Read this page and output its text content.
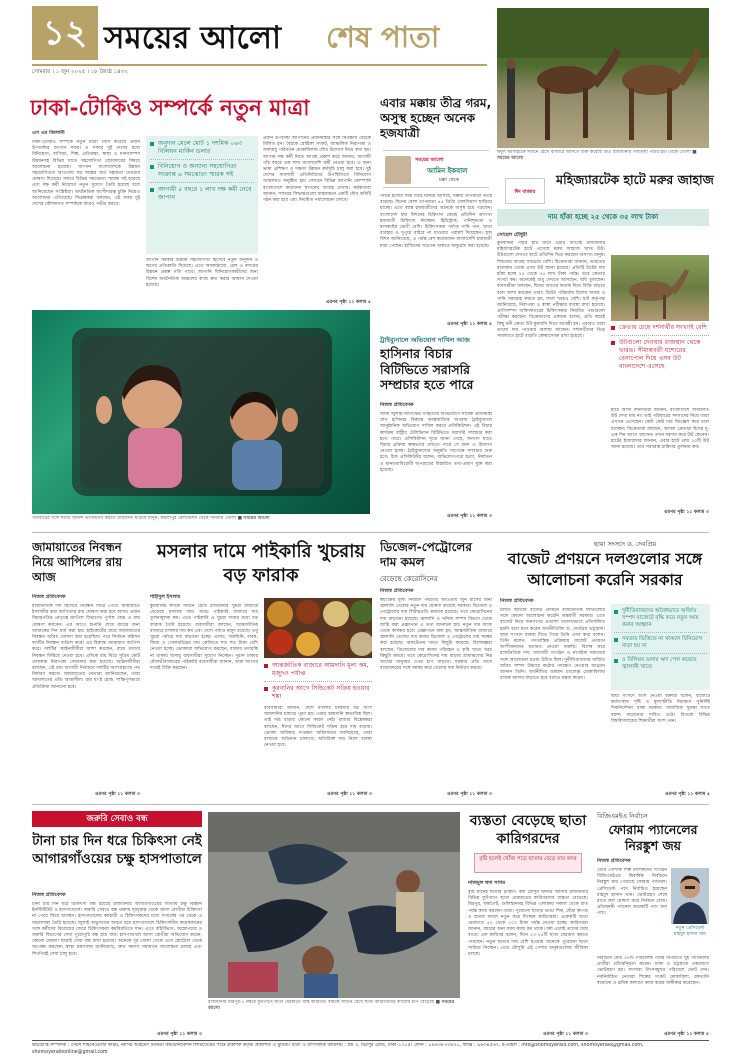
১২ সময়ের আলো শেষ পাতা
সোমবার । ১ জুন ২০২৫ । ১৮ জ্যৈষ্ঠ ১৪৩২
ঈদুল আজহাকে সামনে রেখে বাজারে আসতে শুরু করেছে উট। রাজধানীর গাবতলী পশুর হাট থেকে তোলা ■ সময়ের আলো
এস এম জিলানী
ঢাকা-টোকিও সম্পর্কে নতুন মাত্রা
ঢাকা-টোকিও সম্পর্কে নতুন মাত্রা যোগ করেছে প্রধান উপদেষ্টার জাপান সফর। এ সফরে দুই দেশের মধ্যে বিনিয়োগ, বাণিজ্য, শিল্প, প্রতিরক্ষা, স্বাস্থ্য ও মানবসম্পদ উন্নয়নসহ বিভিন্ন খাতে সহযোগিতা জোরদারের বিষয়ে আলোচনা হয়েছে। জাপান বাংলাদেশকে উন্নয়ন সহযোগিতার আওতায় বড় অঙ্কের অর্থ সহায়তা দেওয়ার ঘোষণা দিয়েছে। সফরে বিভিন্ন সমঝোতা স্মারক সই হয়েছে এবং দক্ষ কর্মী নিয়োগে নতুন সুযোগ তৈরি হয়েছে বলে জানিয়েছেন সংশ্লিষ্টরা। অর্থনৈতিক অংশীদারত্ব চুক্তি নিয়েও আলোচনা এগিয়েছে। বিশ্লেষকরা বলছেন, এই সফর দুই দেশের কৌশলগত সম্পর্ককে আরও গভীর করবে।
অনুদান মেলে মোট ১ দশমিক ০৬৩ বিলিয়ন মার্কিন ডলার
বিনিয়োগ ও অন্যান্য সহযোগিতা সংক্রান্ত ৬ সমঝোতা স্মারক সই
আগামী ৫ বছরে ১ লাখ দক্ষ কর্মী নেবে জাপান
জাপান সরকার উন্নয়ন সহযোগিতা হিসেবে নতুন অনুদান ও ঋণের প্রতিশ্রুতি দিয়েছে। এতে অবকাঠামো, রেল ও বন্দরের উন্নয়ন প্রকল্প গতি পাবে। জাপানি বিনিয়োগকারীদের জন্য বিশেষ অর্থনৈতিক অঞ্চলের কাজ দ্রুত করার আশ্বাস দেওয়া হয়েছে।
প্রধান উপদেষ্টা জাপানের প্রধানমন্ত্রীর সঙ্গে দ্বিপক্ষীয় বৈঠকে মিলিত হন। বৈঠকে রোহিঙ্গা সংকট, আঞ্চলিক নিরাপত্তা ও জলবায়ু পরিবর্তন মোকাবিলায় যৌথ উদ্যোগ নিয়ে কথা হয়। জাপান দক্ষ কর্মী নিতে আগ্রহ প্রকাশ করে জানায়, আগামী পাঁচ বছরে এক লাখ বাংলাদেশি কর্মী নেওয়া হবে। এ জন্য ভাষা প্রশিক্ষণ ও দক্ষতা উন্নয়ন কর্মসূচি চালু করা হবে। দুই দেশের ব্যবসায়ী প্রতিনিধিদের উপস্থিতিতে বিনিয়োগ সম্মেলনও অনুষ্ঠিত হয়। সেখানে বিভিন্ন জাপানি কোম্পানি বাংলাদেশে কারখানা স্থাপনের আগ্রহ দেখায়। কর্মকর্তারা জানান, সফরের সিদ্ধান্তগুলো বাস্তবায়নে একটি যৌথ কমিটি গঠন করা হবে এবং নিয়মিত পর্যালোচনা চলবে।
এরপর পৃষ্ঠা ১১ কলাম ৫
এবার মক্কায় তীব্র গরম, অসুস্থ হচ্ছেন অনেক হজযাত্রী
সময়ের আলো
আমিন ইকবাল
মক্কা থেকে
পবিত্র হজের সময় যতই ঘনিয়ে আসছে, মক্কায় তাপমাত্রা ততই বাড়ছে। দিনের বেলা তাপমাত্রা ৪৫ ডিগ্রি সেলসিয়াস ছাড়িয়ে যাচ্ছে। এতে বয়স্ক হজযাত্রীদের অনেকে অসুস্থ হয়ে পড়ছেন। বাংলাদেশ হজ মিশনের চিকিৎসা কেন্দ্রে প্রতিদিন অসংখ্য হজযাত্রী চিকিৎসা নিচ্ছেন। হিটস্ট্রোক, পানিশূন্যতা ও শ্বাসকষ্টের রোগী বেশি। চিকিৎসকরা পর্যাপ্ত পানি পান, ছাতা ব্যবহার ও দুপুরে বাইরে না যাওয়ার পরামর্শ দিয়েছেন। হজ মিশন জানিয়েছে, এ পর্যন্ত বেশ কয়েকজন বাংলাদেশি হজযাত্রী মারা গেছেন। হাজিদের সচেতন থাকতে অনুরোধ করা হয়েছে।
এরপর পৃষ্ঠা ১১ কলাম ৫
মহিজ্যারটেক হাটে মরুর জাহাজ
দাম হাঁকা হচ্ছে ২৫ থেকে ৩৫ লাখ টাকা
ঈদ বাজার
সোহেল চৌধুরী
কুরবানির পশুর হাট জমে ওঠার আগেই রাজধানীর মহিজ্যারটেক হাটে এসেছে মরুর জাহাজ খ্যাত উট। উটগুলো দেখতে হাটে প্রতিদিন ভিড় করছেন অসংখ্য মানুষ। শিশুদের আগ্রহ সবচেয়ে বেশি। বিক্রেতারা জানান, ভারতের রাজস্থান থেকে এসব উট আনা হয়েছে। প্রতিটি উটের দাম হাঁকা হচ্ছে ২৫ থেকে ৩৫ লাখ টাকা পর্যন্ত। তবে ক্রেতার সংখ্যা কম। অনেকেই শুধু দেখতে আসছেন, ছবি তুলছেন। ব্যবসায়ীরা বলছেন, ঈদের আগের কয়েক দিনে বিক্রি বাড়বে বলে আশা করছেন তারা। উটের পরিচর্যায় বিশেষ খাবার ও পানি সরবরাহ করতে হয়, ফলে খরচও বেশি। হাট কর্তৃপক্ষ জানিয়েছে, নিরাপত্তা ও স্বাস্থ্য পরীক্ষার ব্যবস্থা রাখা হয়েছে। প্রাণিসম্পদ অধিদফতরের চিকিৎসকরা নিয়মিত পশুগুলো পরীক্ষা করছেন। বিক্রেতাদের একজন বলেন, প্রতি বছরই কিছু ধনী ক্রেতা উট কুরবানি দিতে আগ্রহী হন। এবারও তারা ভালো দাম পাওয়ার আশায় আছেন। দর্শনার্থীদের ভিড় সামলাতে হাটে বাড়তি স্বেচ্ছাসেবক রাখা হয়েছে।
ক্রেতার চেয়ে দর্শনার্থীর সংখ্যাই বেশি
উটগুলো দেওয়ার রাজস্থান থেকে ভারত। সীমান্তবর্তী যশোরের বেনাপোল দিয়ে এসব উট বাংলাদেশে এসেছে
হাটে আসা দর্শনার্থীরা জানান, বাংলাদেশে সাধারণত উট দেখা যায় না। তাই পরিবারের সদস্যদের নিয়ে তারা এখানে এসেছেন। কেউ কেউ দাম জিজ্ঞেস করে চলে যাচ্ছেন। বিক্রেতারা বলছেন, আসল ক্রেতারা ঈদের দু-এক দিন আগে আসেন। তখন দরদাম করে উট কেনেন। হাটের ইজারাদার জানান, এবার হাটে প্রায় ২০টি উট আনা হয়েছে। তবে সরবরাহ চাহিদার তুলনায় কম।
এরপর পৃষ্ঠা ১১ কলাম ৩
পরিবারের সঙ্গে ঈদের আনন্দ ভাগাভাগি করতে রাজধানী ছাড়ছে মানুষ। কমলাপুর রেলস্টেশন থেকে শনিবার তোলা ■ সময়ের আলো
ট্রাইব্যুনালে অভিযোগ দাখিল আজ
হাসিনার বিচার বিটিভিতে সরাসরি সম্প্রচার হতে পারে
নিজস্ব প্রতিবেদক
আজ জুলাই-আগস্টের গণহত্যার অভিযোগে সাবেক প্রধানমন্ত্রী শেখ হাসিনার বিরুদ্ধে আন্তর্জাতিক অপরাধ ট্রাইব্যুনালে আনুষ্ঠানিক অভিযোগ দাখিল করবে প্রসিকিউশন। এই বিচার কার্যক্রম রাষ্ট্রীয় টেলিভিশন বিটিভিতে সরাসরি সম্প্রচার করা হতে পারে। প্রসিকিউশন সূত্রে জানা গেছে, জনগণ যাতে বিচার প্রক্রিয়া স্বচ্ছভাবে দেখতে পারে সে জন্য এ উদ্যোগ নেওয়া হচ্ছে। ট্রাইব্যুনালের অনুমতি সাপেক্ষে সম্প্রচার শুরু হবে। চিফ প্রসিকিউটর বলেন, অভিযোগপত্রে হত্যা, নির্যাতন ও মানবতাবিরোধী অপরাধের বিস্তারিত তথ্য-প্রমাণ যুক্ত করা হয়েছে।
এরপর পৃষ্ঠা ১১ কলাম ৩
জামায়াতের নিবন্ধন নিয়ে আপিলের রায় আজ
নিজস্ব প্রতিবেদক
রাজনৈতিক দল হিসেবে নিবন্ধন ফিরে পেতে জামায়াতে ইসলামীর করা আপিলের রায় ঘোষণা করা হবে আজ। প্রধান বিচারপতির নেতৃত্বে আপিল বিভাগের পূর্ণাঙ্গ বেঞ্চ এ রায় ঘোষণা করবেন। এর আগে শুনানি শেষে রায়ের জন্য আজকের দিন ধার্য করা হয়। হাইকোর্টের রায়ে জামায়াতের নিবন্ধন অবৈধ ঘোষণা করা হয়েছিল। পরে নির্বাচন কমিশন দলটির নিবন্ধন বাতিল করে। এর বিরুদ্ধে জামায়াত আপিল করে। দলটির আইনজীবীরা আশা করছেন, রায়ে তাদের নিবন্ধন ফিরিয়ে দেওয়া হবে। এদিকে রায় ঘিরে সুপ্রিম কোর্ট এলাকায় নিরাপত্তা জোরদার করা হয়েছে। আইনজীবীরা বলছেন, এই রায় আগামী নির্বাচনে দলটির অংশগ্রহণের পথ নির্ধারণ করবে। জামায়াতের নেতারা জানিয়েছেন, তারা আদালতের প্রতি আস্থাশীল। রায় যা-ই হোক, শান্তিপূর্ণভাবে প্রতিক্রিয়া জানানো হবে।
এরপর পৃষ্ঠা ১১ কলাম ৩
মসলার দামে পাইকারি খুচরায় বড় ফারাক
শাহীদুল ইসলাম
কুরবানির ঈদকে সামনে রেখে রাজধানীর খুচরা বাজারে বেড়েছে মসলার দাম। অথচ পাইকারি বাজারে দাম তুলনামূলক কম। এতে পাইকারি ও খুচরা দামের মধ্যে বড় ফারাক তৈরি হয়েছে। ব্যবসায়ীরা বলছেন, আন্তর্জাতিক বাজারে মসলার দাম কম এবং দেশে পর্যাপ্ত মজুদ রয়েছে। তবু খুচরা পর্যায়ে দাম বাড়ানো হচ্ছে। এলাচ, দারুচিনি, লবঙ্গ, জিরা ও গোলমরিচের দাম কেজিতে শত শত টাকা বেশি নেওয়া হচ্ছে। ভোক্তারা অভিযোগ করছেন, বাজার তদারকি না থাকায় অসাধু ব্যবসায়ীরা সুযোগ নিচ্ছেন। পুরান ঢাকার মৌলভীবাজারের পাইকারি ব্যবসায়ীরা জানান, তারা আগের দামেই বিক্রি করছেন।	আন্তর্জাতিক বাজারে আমদানি মূল্য কম, মজুদও পর্যাপ্ত
কুরবানির আগে সিন্ডিকেট সক্রিয় হওয়ার শঙ্কা
ব্যবসায়ীরা জানান, দেশে মসলার চাহিদার বড় অংশ আমদানির মাধ্যমে পূরণ হয়। এবার আমদানি স্বাভাবিক ছিল। তাই দাম বাড়ার কোনো কারণ নেই। বাজার বিশ্লেষকরা বলছেন, ঈদের আগে সিন্ডিকেট সক্রিয় হয়ে দাম বাড়ায়। ভোক্তা অধিকার সংরক্ষণ অধিদফতর জানিয়েছে, তারা বাজারে অভিযান চালাবে। অতিরিক্ত দাম নিলে ব্যবস্থা নেওয়া হবে।
এরপর পৃষ্ঠা ১১ কলাম ৩
ডিজেল-পেট্রোলের দাম কমল
বেড়েছে কেরোসিনের
নিজস্ব প্রতিবেদক
স্বয়ংক্রিয় মূল্য নির্ধারণ পদ্ধতির আওতায় জুন মাসের জন্য জ্বালানি তেলের নতুন দাম ঘোষণা করেছে সরকার। ডিজেল ও পেট্রোলের দাম লিটারপ্রতি কমানো হয়েছে। তবে কেরোসিনের দাম বাড়ানো হয়েছে। জ্বালানি ও খনিজ সম্পদ বিভাগ থেকে জারি করা প্রজ্ঞাপনে এ তথ্য জানানো হয়। নতুন দাম আজ থেকে কার্যকর হবে। প্রজ্ঞাপনে বলা হয়, আন্তর্জাতিক বাজারে জ্বালানি তেলের দাম কমায় ডিজেল ও পেট্রোলের দাম সমন্বয় করা হয়েছে। অকটেনের দামও কিছুটা কমেছে। বিশেষজ্ঞরা বলছেন, ডিজেলের দাম কমায় পরিবহন ও কৃষি খাতে খরচ কিছুটা কমবে। তবে কেরোসিনের দাম বাড়ায় গ্রামাঞ্চলের নিম্ন আয়ের মানুষের ওপর চাপ বাড়বে। সরকার প্রতি মাসে বাজারদরের সঙ্গে সমন্বয় করে তেলের দাম নির্ধারণ করছে।
এরপর পৃষ্ঠা ১১ কলাম ৩
ছায়া সংসদে ড. দেবপ্রিয়
বাজেট প্রণয়নে দলগুলোর সঙ্গে আলোচনা করেনি সরকার
নিজস্ব প্রতিবেদক
চলতি জাতীয় বাজেট প্রণয়নে রাজনৈতিক দলগুলোর সঙ্গে কোনো আলোচনা করেনি অন্তর্বর্তী সরকার। এতে বাজেট নিয়ে জনগণের প্রত্যাশা যথাযথভাবে প্রতিফলিত হয়নি বলে মনে করেন অর্থনীতিবিদ ড. দেবপ্রিয় ভট্টাচার্য। ছায়া সংসদে বক্তব্য দিতে গিয়ে তিনি এসব কথা বলেন। তিনি বলেন, গণতান্ত্রিক প্রক্রিয়ায় বাজেট প্রণয়নে অংশীজনদের মতামত নেওয়া জরুরি। বিশেষ করে রাজনৈতিক দল, ব্যবসায়ী সংগঠন ও নাগরিক সমাজের সঙ্গে আলোচনা হওয়া উচিত ছিল। দুর্নীতিবাজদের অর্জিত অবৈধ সম্পদ উদ্ধারে কঠোর পদক্ষেপ নেওয়ার আহ্বান জানান তিনি। অর্থনীতির বর্তমান চ্যালেঞ্জ মোকাবিলায় রাজস্ব আদায় বাড়াতে হবে বলেও মন্তব্য করেন।
দুর্নীতিবাজদের অবৈধভাবে অর্জিত সম্পদ বাজেটে বৃদ্ধি করে নতুন আয় করার আহ্বান
সমতার ভিত্তিতে না থাকলে বিনিয়োগ বাড়া হয় না
৫ বিলিয়ন ডলার ঋণ পেল করেছে জ্বালানী খাতে
ছায়া সংসদে অংশ নেওয়া বক্তারা বলেন, বাজেটে কর্মসংস্থান সৃষ্টি ও মূল্যস্ফীতি নিয়ন্ত্রণে সুনির্দিষ্ট দিকনির্দেশনা থাকা দরকার। সামাজিক সুরক্ষা খাতে বরাদ্দ বাড়ানোর দাবিও ওঠে। বিতর্কে বিভিন্ন বিশ্ববিদ্যালয়ের শিক্ষার্থীরা অংশ নেন।
এরপর পৃষ্ঠা ১১ কলাম ৫
জরুরি সেবাও বন্ধ
টানা চার দিন ধরে চিকিৎসা নেই আগারগাঁওয়ের চক্ষু হাসপাতালে
নিজস্ব প্রতিবেদক
টানা চার দিন ধরে চিকিৎসা বন্ধ রয়েছে রাজধানীর আগারগাঁওয়ের জাতীয় চক্ষু বিজ্ঞান ইনস্টিটিউট ও হাসপাতালে। জরুরি সেবাও বন্ধ থাকায় দূরদূরান্ত থেকে আসা রোগীরা চিকিৎসা না পেয়ে ফিরে যাচ্ছেন। হাসপাতালের কর্মচারী ও চিকিৎসকদের মধ্যে সংঘর্ষের পর থেকে এ অচলাবস্থা তৈরি হয়েছে। জুলাই অভ্যুত্থানে আহত হয়ে হাসপাতালে চিকিৎসাধীন কয়েকজনের সঙ্গে কর্মীদের বিরোধের জেরে চিকিৎসকরা কর্মবিরতিতে যান। এতে বহির্বিভাগ, অস্ত্রোপচার ও জরুরি বিভাগের সেবা পুরোপুরি বন্ধ হয়ে যায়। হাসপাতালে আসা রোগীরা অভিযোগ করেন, কোনো ঘোষণা ছাড়াই সেবা বন্ধ রাখা হয়েছে। অনেকে দূর জেলা থেকে এসে হোটেলে থেকে অপেক্ষা করছেন। স্বাস্থ্য মন্ত্রণালয় জানিয়েছে, দ্রুত সমস্যা সমাধানে আলোচনা চলছে এবং শিগগিরই সেবা চালু হবে।
এরপর পৃষ্ঠা ১১ কলাম ৩
রাজধানীর মিরপুর-১ নম্বরে ফুটপাতে ছাতা মেরামতে ব্যস্ত কারিগর। বর্ষাকে সামনে রেখে ছাতা কারিগরদের কাজের চাপ বেড়েছে ■ সময়ের আলো
ব্যস্ততা বেড়েছে ছাতা কারিগরদের
বৃষ্টি হলেই খোঁজ পড়ে ছাতার বেড়ে যায় কদর
নাজমুল হুদা সাগর
বৃষ্টি মানেই ছাতার চাহিদা। বর্ষা মৌসুম ঘনিয়ে আসায় রাজধানীর বিভিন্ন ফুটপাতে ছাতা মেরামতের কারিগরদের ব্যস্ততা বেড়েছে। মিরপুর, ফার্মগেট, গুলিস্তানসহ বিভিন্ন এলাকায় সকাল থেকে রাত পর্যন্ত কাজ করছেন তারা। পুরোনো ছাতার ভাঙা শিক, ছেঁড়া কাপড় ও হাতল বদলে নতুন করে দিচ্ছেন কারিগররা। একেকটি ছাতা মেরামতে ৫০ থেকে ২০০ টাকা পর্যন্ত নেওয়া হচ্ছে। কারিগররা জানান, বছরের অন্য সময় কাজ কম থাকে। বর্ষা এলেই তাদের আয় বাড়ে। এক কারিগর বলেন, দিনে ২০-২৫টি ছাতা মেরামত করতে পারছেন। নতুন ছাতার দাম বেশি হওয়ায় অনেকে পুরোনো ছাতা সারিয়ে নিচ্ছেন। এতে মৌসুমি এই পেশার মানুষগুলোর জীবিকা চলছে।
এরপর পৃষ্ঠা ১১ কলাম ৩
বিজিএমইএ নির্বাচন
ফোরাম প্যানেলের নিরঙ্কুশ জয়
নিজস্ব প্রতিবেদক
তৈরি পোশাক শিল্প মালিকদের সংগঠন বিজিএমইএর দ্বিবার্ষিক নির্বাচনে নিরঙ্কুশ জয় পেয়েছে ফোরাম প্যানেল। প্রেসিডেন্ট পদে নির্বাচিত হয়েছেন মাহমুদ হাসান খান। ভোটগ্রহণ শেষে রাতে ফল ঘোষণা করে নির্বাচন বোর্ড। প্রতিদ্বন্দ্বী প্যানেল কয়েকটি পদে জয় পায়।
নতুন প্রেসিডেন্ট মাহমুদ হাসান খান
নির্বাচনে মোট ৩৫টি পরিচালক পদের বিপরীতে দুই প্যানেলের প্রার্থীরা প্রতিদ্বন্দ্বিতা করেন। ঢাকা ও চট্টগ্রামে একযোগে ভোটগ্রহণ হয়। সদস্যরা উৎসবমুখর পরিবেশে ভোট দেন। নবনির্বাচিত নেতারা শিল্পের সংকট মোকাবিলা, রফতানি বাড়ানো ও শ্রমিক কল্যাণে কাজ করার অঙ্গীকার করেছেন।
এরপর পৃষ্ঠা ১১ কলাম ৫
ভারপ্রাপ্ত সম্পাদক : সৈয়দ শাহনেওয়াজ করিম, নাসির আহমেদ মিডিয়া কমিউনিকেশন লিমিটেডের পক্ষে প্রকাশক কর্তৃক প্রকাশিত ও মুদ্রিত। বার্তা ও বাণিজ্যিক কার্যালয় : প্লট ৩, মিরপুর রোড, ঢাকা-১২০৫। ফোন : ০৯৬৩৮৩৩৬৭০, ফ্যাক্স : ৯৬৩৪৫৬৭, ই-মেইল : info@shomoyeralo.com, shomoyeralo@gmail.com, shomoyeraloonline@gmail.com
